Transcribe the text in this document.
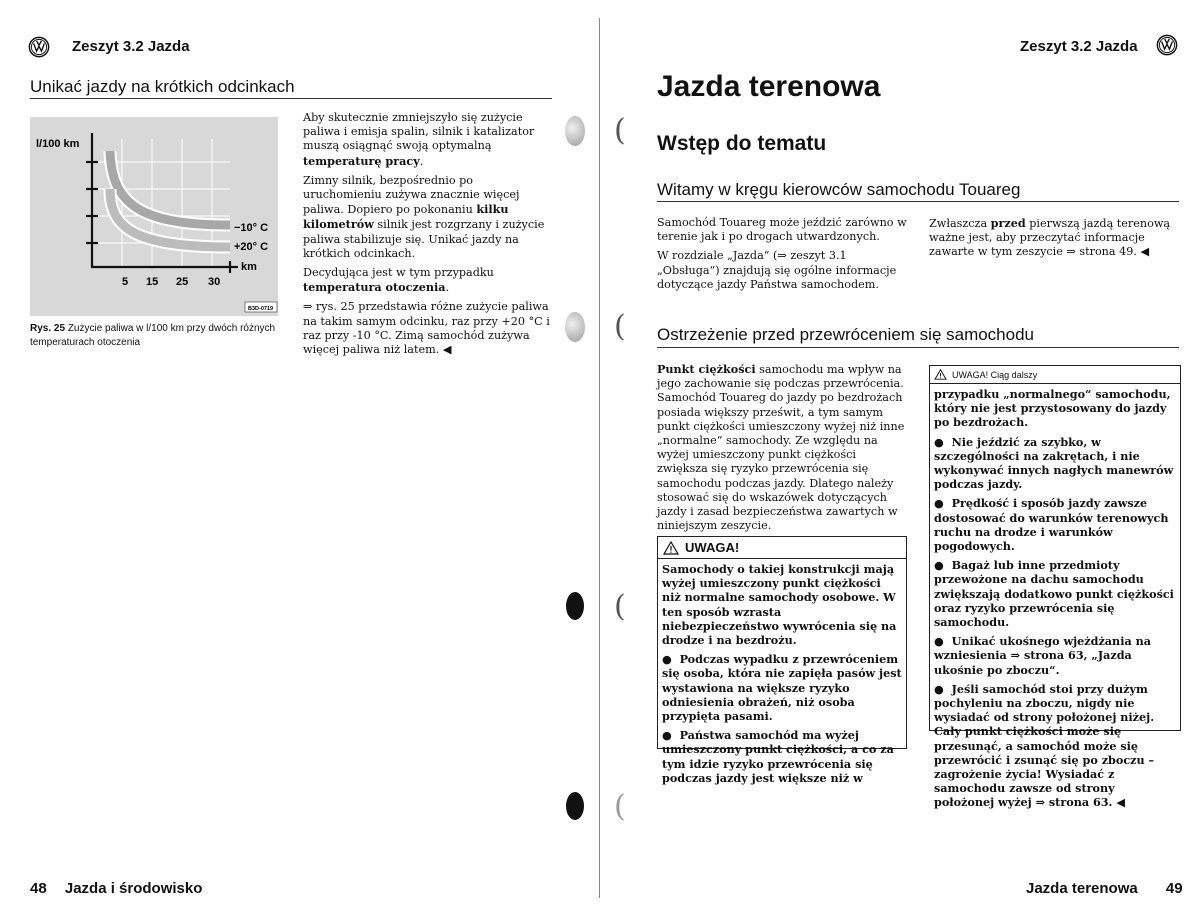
Zeszyt 3.2 Jazda
Unikać jazdy na krótkich odcinkach
l/100 km
km
−10° C
+20° C
5 15 25 30
B3D-0719
Rys. 25 Zużycie paliwa w l/100 km przy dwóch różnych temperaturach otoczenia

Aby skutecznie zmniejszyło się zużycie paliwa i emisja spalin, silnik i katalizator muszą osiągnąć swoją optymalną temperaturę pracy.

Zimny silnik, bezpośrednio po uruchomieniu zużywa znacznie więcej paliwa. Dopiero po pokonaniu kilku kilometrów silnik jest rozgrzany i zużycie paliwa stabilizuje się. Unikać jazdy na krótkich odcinkach.

Decydująca jest w tym przypadku temperatura otoczenia.

⇒ rys. 25 przedstawia różne zużycie paliwa na takim samym odcinku, raz przy +20 °C i raz przy -10 °C. Zimą samochód zużywa więcej paliwa niż latem. ◀

48 Jazda i środowisko
(
(
(
(
Zeszyt 3.2 Jazda
Jazda terenowa
Wstęp do tematu
Witamy w kręgu kierowców samochodu Touareg

Samochód Touareg może jeździć zarówno w terenie jak i po drogach utwardzonych.

W rozdziale „Jazda“ (⇒ zeszyt 3.1 „Obsługa“) znajdują się ogólne informacje dotyczące jazdy Państwa samochodem.

Zwłaszcza przed pierwszą jazdą terenową ważne jest, aby przeczytać informacje zawarte w tym zeszycie ⇒ strona 49. ◀

Ostrzeżenie przed przewróceniem się samochodu

Punkt ciężkości samochodu ma wpływ na jego zachowanie się podczas przewrócenia. Samochód Touareg do jazdy po bezdrożach posiada większy prześwit, a tym samym punkt ciężkości umieszczony wyżej niż inne „normalne“ samochody. Ze względu na wyżej umieszczony punkt ciężkości zwiększa się ryzyko przewrócenia się samochodu podczas jazdy. Dlatego należy stosować się do wskazówek dotyczących jazdy i zasad bezpieczeństwa zawartych w niniejszym zeszycie.

UWAGA!

Samochody o takiej konstrukcji mają wyżej umieszczony punkt ciężkości niż normalne samochody osobowe. W ten sposób wzrasta niebezpieczeństwo wywrócenia się na drodze i na bezdrożu.

●  Podczas wypadku z przewróceniem się osoba, która nie zapięła pasów jest wystawiona na większe ryzyko odniesienia obrażeń, niż osoba przypięta pasami.

●  Państwa samochód ma wyżej umieszczony punkt ciężkości, a co za tym idzie ryzyko przewrócenia się podczas jazdy jest większe niż w

UWAGA! Ciąg dalszy

przypadku „normalnego“ samochodu, który nie jest przystosowany do jazdy po bezdrożach.

●  Nie jeździć za szybko, w szczególności na zakrętach, i nie wykonywać innych nagłych manewrów podczas jazdy.

●  Prędkość i sposób jazdy zawsze dostosować do warunków terenowych ruchu na drodze i warunków pogodowych.

●  Bagaż lub inne przedmioty przewożone na dachu samochodu zwiększają dodatkowo punkt ciężkości oraz ryzyko przewrócenia się samochodu.

●  Unikać ukośnego wjeżdżania na wzniesienia ⇒ strona 63, „Jazda ukośnie po zboczu“.

●  Jeśli samochód stoi przy dużym pochyleniu na zboczu, nigdy nie wysiadać od strony położonej niżej. Cały punkt ciężkości może się przesunąć, a samochód może się przewrócić i zsunąć się po zboczu – zagrożenie życia! Wysiadać z samochodu zawsze od strony położonej wyżej ⇒ strona 63. ◀

Jazda terenowa 49
